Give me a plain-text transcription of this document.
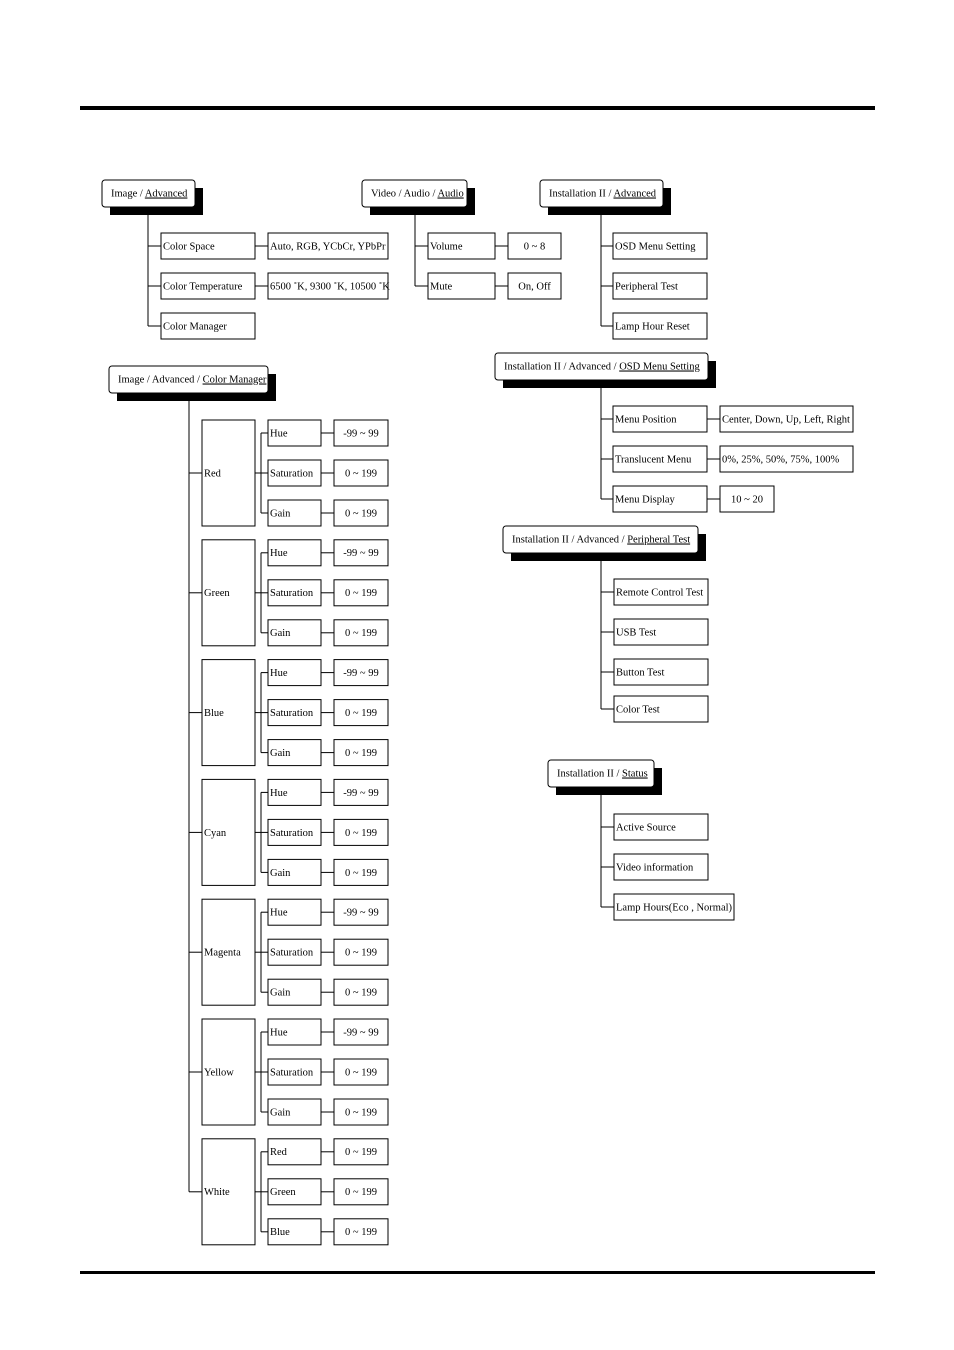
Image / Advanced
Color Space	Auto, RGB, YCbCr, YPbPr
Color Temperature	6500 ˚K, 9300 ˚K, 10500 ˚K
Color Manager
Video / Audio / Audio
Volume	0 ~ 8
Mute	On, Off
Installation II / Advanced
OSD Menu Setting
Peripheral Test
Lamp Hour Reset
Installation II / Advanced / OSD Menu Setting
Menu Position	Center, Down, Up, Left, Right
Translucent Menu	0%, 25%, 50%, 75%, 100%
Menu Display	10 ~ 20
Installation II / Advanced / Peripheral Test
Remote Control Test
USB Test
Button Test
Color Test
Installation II / Status
Active Source
Video information
Lamp Hours(Eco , Normal)
Image / Advanced / Color Manager
Red
Hue	-99 ~ 99
Saturation	0 ~ 199
Gain	0 ~ 199
Green
Hue	-99 ~ 99
Saturation	0 ~ 199
Gain	0 ~ 199
Blue
Hue	-99 ~ 99
Saturation	0 ~ 199
Gain	0 ~ 199
Cyan
Hue	-99 ~ 99
Saturation	0 ~ 199
Gain	0 ~ 199
Magenta
Hue	-99 ~ 99
Saturation	0 ~ 199
Gain	0 ~ 199
Yellow
Hue	-99 ~ 99
Saturation	0 ~ 199
Gain	0 ~ 199
White
Red	0 ~ 199
Green	0 ~ 199
Blue	0 ~ 199
